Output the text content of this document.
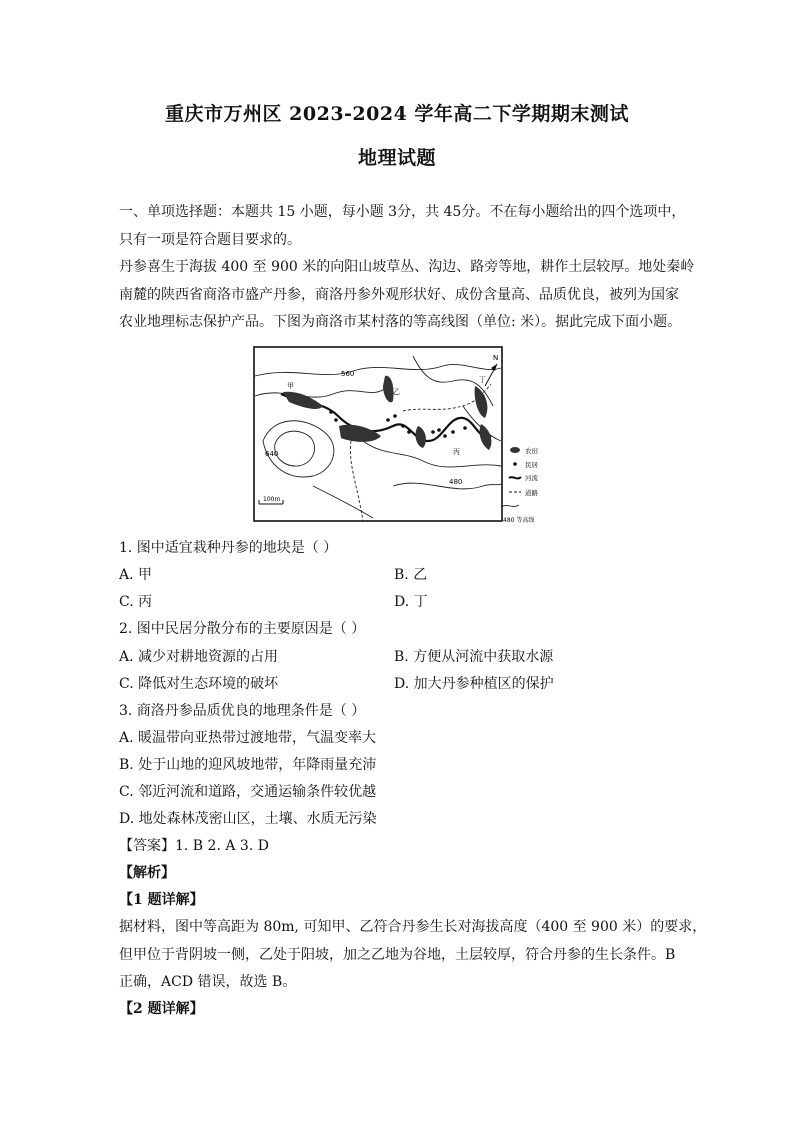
重庆市万州区 2023-2024 学年高二下学期期末测试
地理试题
一、单项选择题：本题共 15 小题，每小题 3分，共 45分。不在每小题给出的四个选项中，
只有一项是符合题目要求的。
丹参喜生于海拔 400 至 900 米的向阳山坡草丛、沟边、路旁等地，耕作土层较厚。地处秦岭
南麓的陕西省商洛市盛产丹参，商洛丹参外观形状好、成份含量高、品质优良，被列为国家
农业地理标志保护产品。下图为商洛市某村落的等高线图（单位: 米）。据此完成下面小题。
560
640
480
甲
乙
丙
丁
N
100m
农田
民居
河流
道路
480 等高线
1. 图中适宜栽种丹参的地块是（ ）
A. 甲	B. 乙
C. 丙	D. 丁
2. 图中民居分散分布的主要原因是（ ）
A. 减少对耕地资源的占用	B. 方便从河流中获取水源
C. 降低对生态环境的破坏	D. 加大丹参种植区的保护
3. 商洛丹参品质优良的地理条件是（ ）
A. 暖温带向亚热带过渡地带，气温变率大
B. 处于山地的迎风坡地带，年降雨量充沛
C. 邻近河流和道路，交通运输条件较优越
D. 地处森林茂密山区，土壤、水质无污染
【答案】1. B 2. A 3. D
【解析】
【1 题详解】
据材料，图中等高距为 80m, 可知甲、乙符合丹参生长对海拔高度（400 至 900 米）的要求，
但甲位于背阴坡一侧，乙处于阳坡，加之乙地为谷地，土层较厚，符合丹参的生长条件。B
正确，ACD 错误，故选 B。
【2 题详解】
